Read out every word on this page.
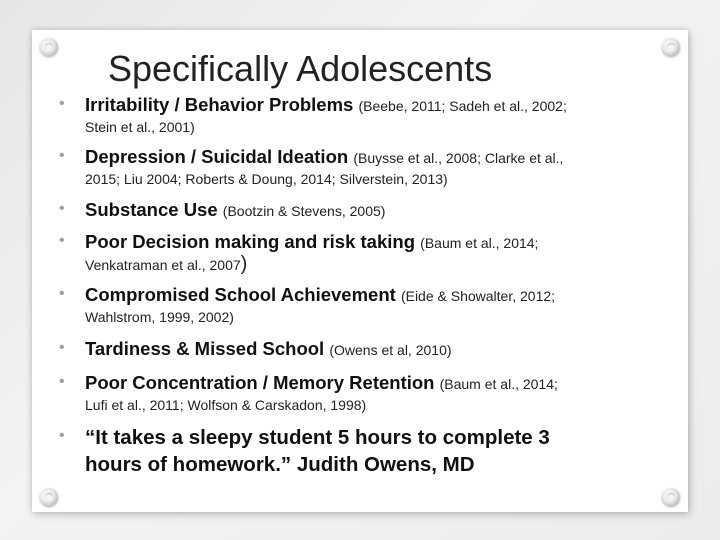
Specifically Adolescents
• Irritability / Behavior Problems (Beebe, 2011; Sadeh et al., 2002;
Stein et al., 2001)
• Depression / Suicidal Ideation (Buysse et al., 2008; Clarke et al.,
2015; Liu 2004; Roberts & Doung, 2014; Silverstein, 2013)
• Substance Use (Bootzin & Stevens, 2005)
• Poor Decision making and risk taking (Baum et al., 2014;
Venkatraman et al., 2007)
• Compromised School Achievement (Eide & Showalter, 2012;
Wahlstrom, 1999, 2002)
• Tardiness & Missed School (Owens et al, 2010)
• Poor Concentration / Memory Retention (Baum et al., 2014;
Lufi et al., 2011; Wolfson & Carskadon, 1998)
• “It takes a sleepy student 5 hours to complete 3
hours of homework.” Judith Owens, MD
